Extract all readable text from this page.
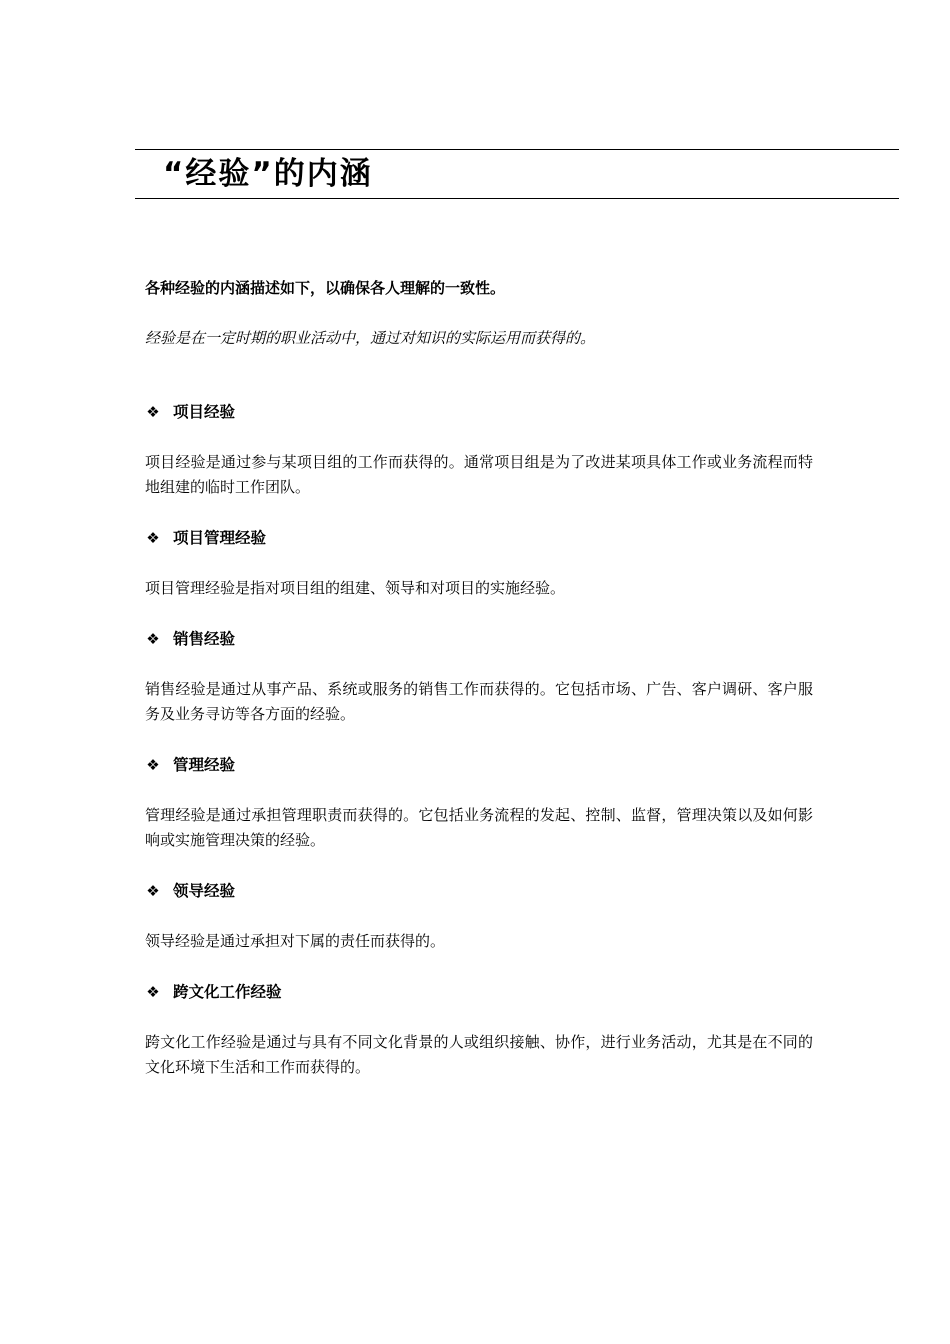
“经验”的内涵

各种经验的内涵描述如下，以确保各人理解的一致性。

经验是在一定时期的职业活动中，通过对知识的实际运用而获得的。

❖ 项目经验

项目经验是通过参与某项目组的工作而获得的。通常项目组是为了改进某项具体工作或业务流程而特地组建的临时工作团队。

❖ 项目管理经验

项目管理经验是指对项目组的组建、领导和对项目的实施经验。

❖ 销售经验

销售经验是通过从事产品、系统或服务的销售工作而获得的。它包括市场、广告、客户调研、客户服务及业务寻访等各方面的经验。

❖ 管理经验

管理经验是通过承担管理职责而获得的。它包括业务流程的发起、控制、监督，管理决策以及如何影响或实施管理决策的经验。

❖ 领导经验

领导经验是通过承担对下属的责任而获得的。

❖ 跨文化工作经验

跨文化工作经验是通过与具有不同文化背景的人或组织接触、协作，进行业务活动，尤其是在不同的文化环境下生活和工作而获得的。
